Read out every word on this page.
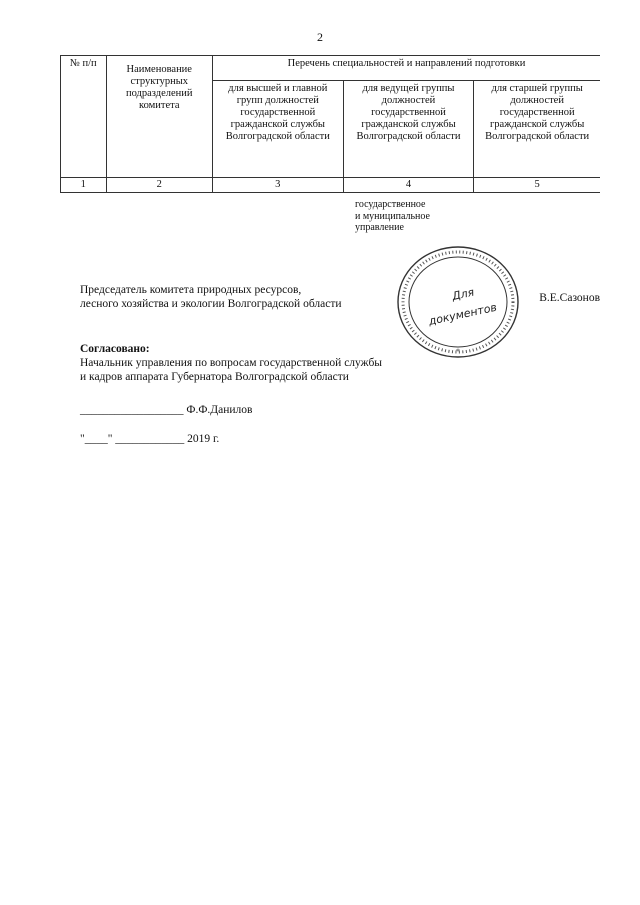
2
№ п/п	Наименование структурных подразделений комитета	Перечень специальностей и направлений подготовки		
		для высшей и главной групп должностей государственной гражданской службы Волгоградской области	для ведущей группы должностей государственной гражданской службы Волгоградской области	для старшей группы должностей государственной гражданской службы Волгоградской области
1	2	3	4	5
государственное
и муниципальное
управление
Председатель комитета природных ресурсов,
лесного хозяйства и экологии Волгоградской области	В.Е.Сазонов
Для
документов
*
Согласовано:
Начальник управления по вопросам государственной службы
и кадров аппарата Губернатора Волгоградской области
__________________ Ф.Ф.Данилов
"____" ____________ 2019 г.
